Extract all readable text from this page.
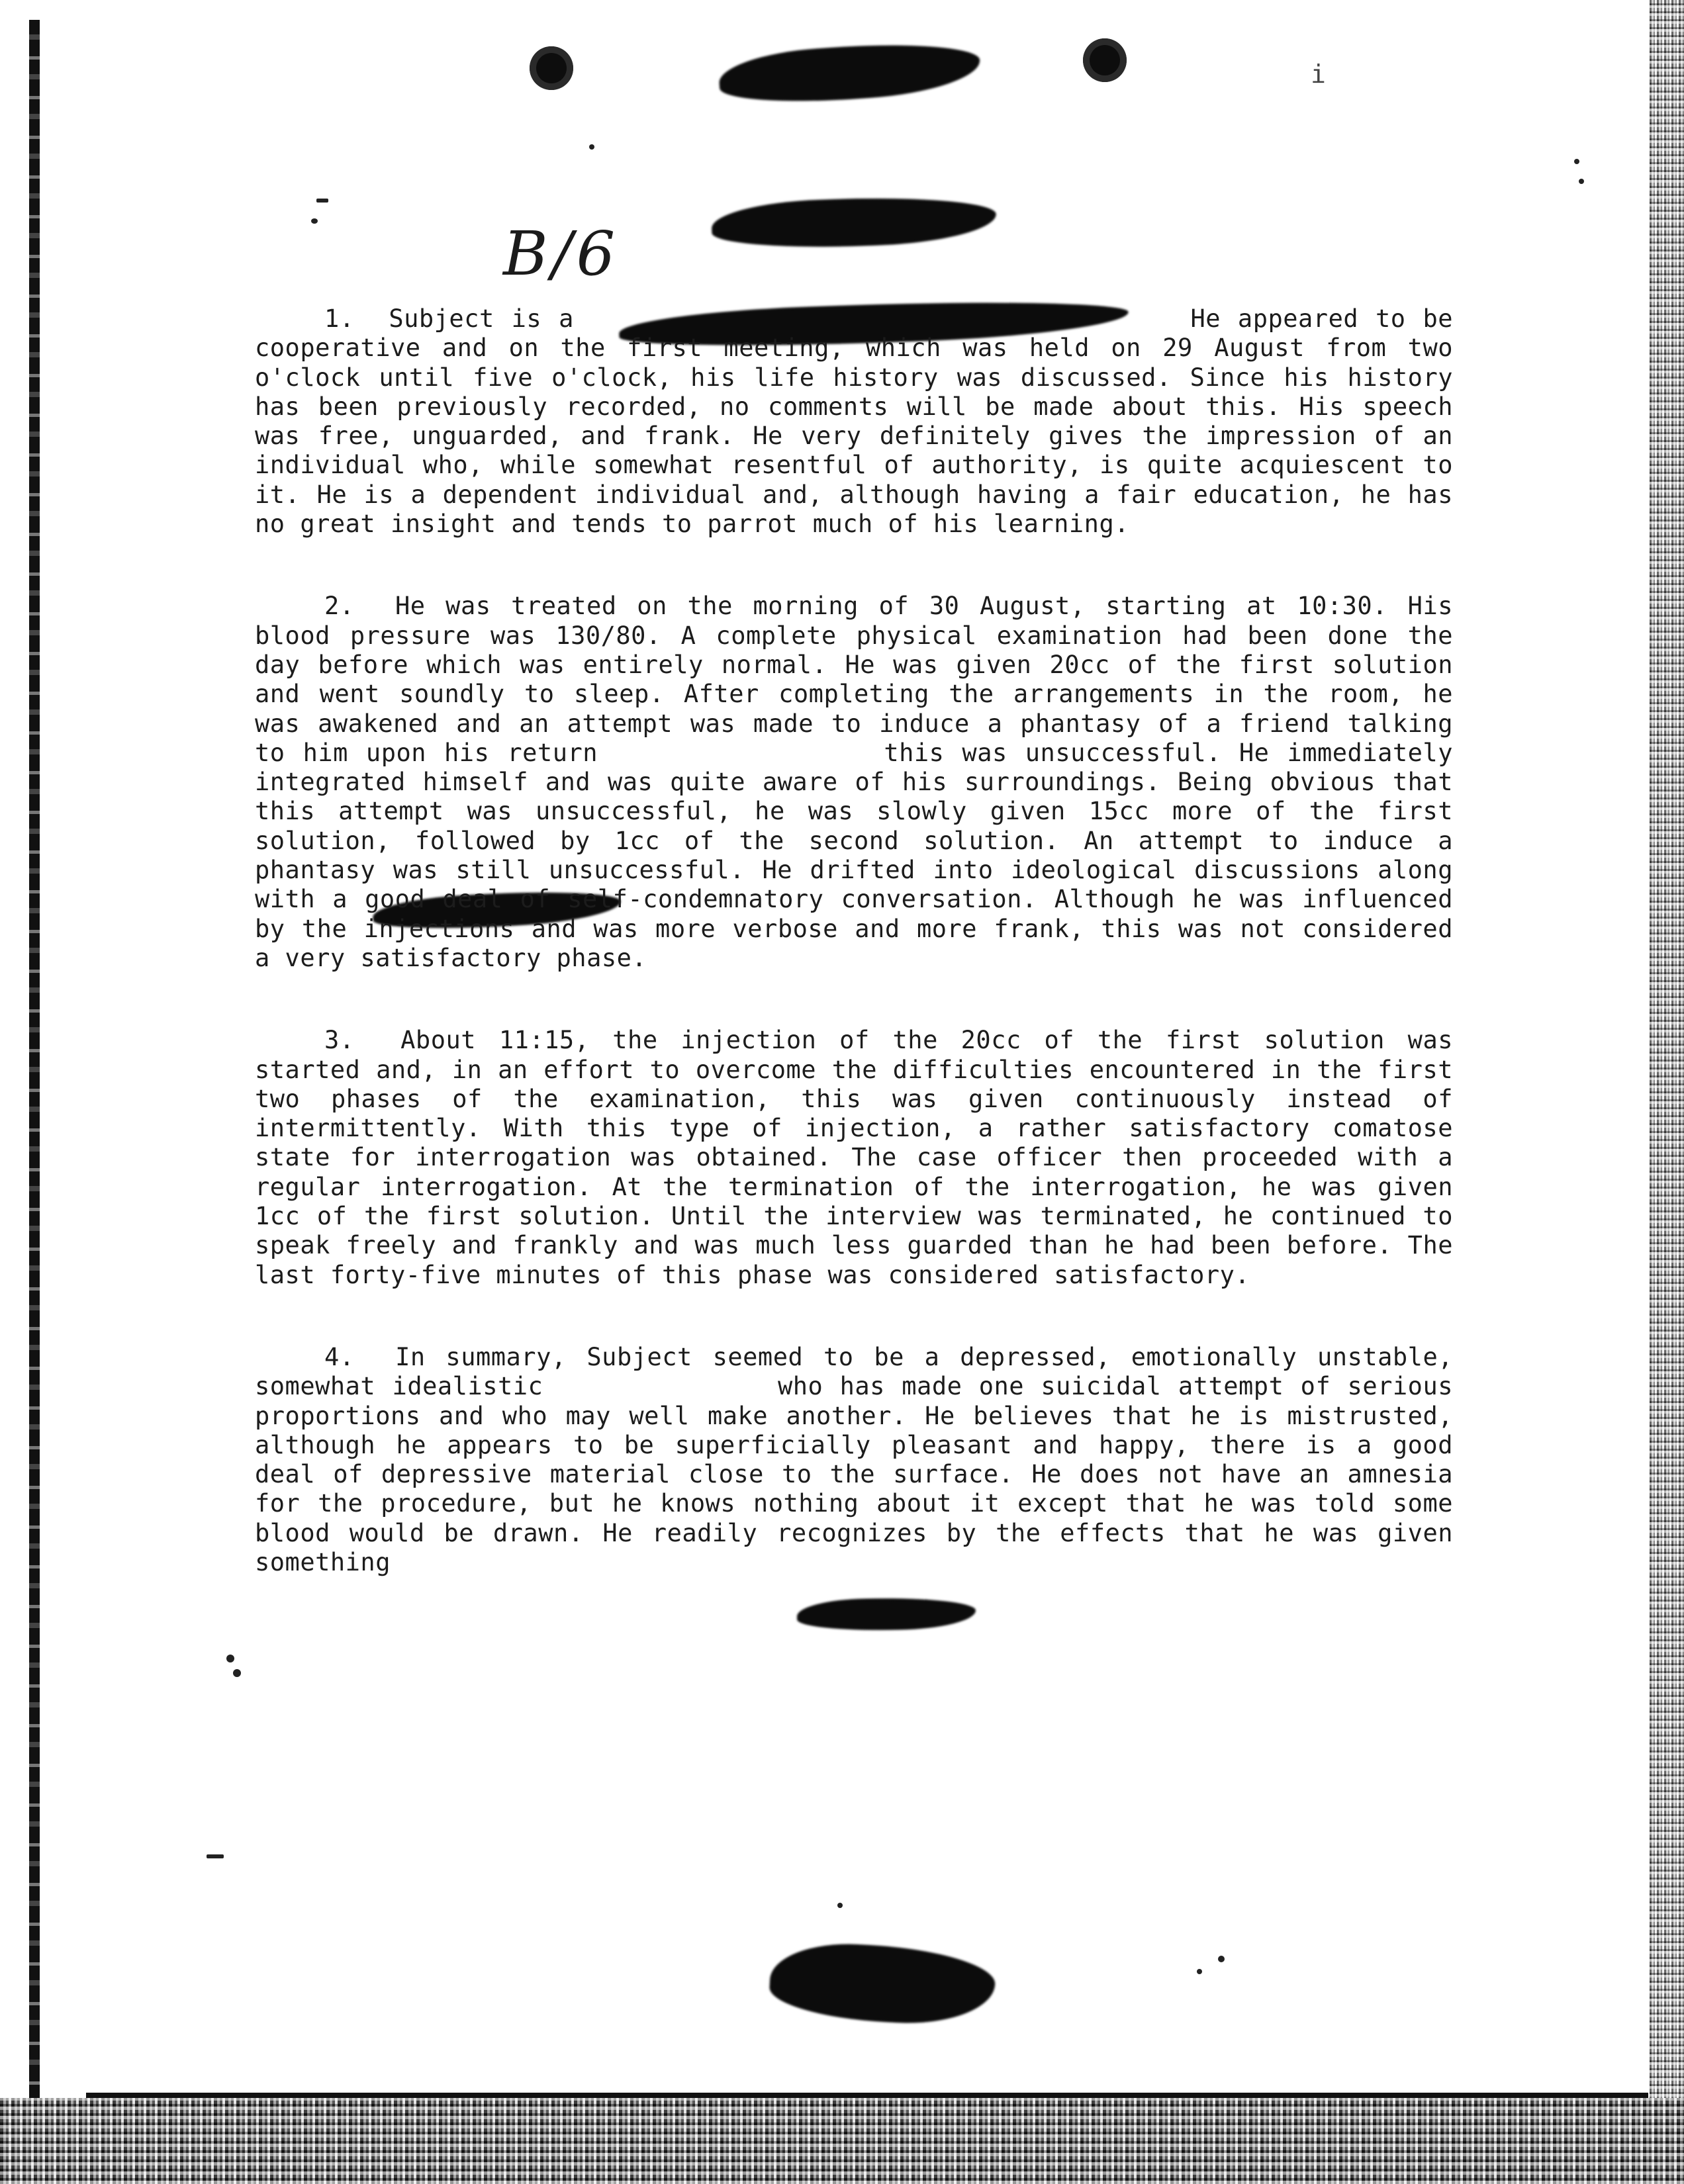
i
B/6

1. Subject is a                                    He appeared to be cooperative and on the first meeting, which was held on 29 August from two o'clock until five o'clock, his life history was discussed. Since his history has been previously recorded, no comments will be made about this. His speech was free, unguarded, and frank. He very definitely gives the impression of an individual who, while somewhat resentful of authority, is quite acquiescent to it. He is a dependent individual and, although having a fair education, he has no great insight and tends to parrot much of his learning.

2. He was treated on the morning of 30 August, starting at 10:30. His blood pressure was 130/80. A complete physical examination had been done the day before which was entirely normal. He was given 20cc of the first solution and went soundly to sleep. After completing the arrangements in the room, he was awakened and an attempt was made to induce a phantasy of a friend talking to him upon his return                this was unsuccessful. He immediately integrated himself and was quite aware of his surroundings. Being obvious that this attempt was unsuccessful, he was slowly given 15cc more of the first solution, followed by 1cc of the second solution. An attempt to induce a phantasy was still unsuccessful. He drifted into ideological discussions along with a good deal of self-condemnatory conversation. Although he was influenced by the injections and was more verbose and more frank, this was not considered a very satisfactory phase.

3. About 11:15, the injection of the 20cc of the first solution was started and, in an effort to overcome the difficulties encountered in the first two phases of the examination, this was given continuously instead of intermittently. With this type of injection, a rather satisfactory comatose state for interrogation was obtained. The case officer then proceeded with a regular interrogation. At the termination of the interrogation, he was given 1cc of the first solution. Until the interview was terminated, he continued to speak freely and frankly and was much less guarded than he had been before. The last forty-five minutes of this phase was considered satisfactory.

4. In summary, Subject seemed to be a depressed, emotionally unstable, somewhat idealistic              who has made one suicidal attempt of serious proportions and who may well make another. He believes that he is mistrusted, although he appears to be superficially pleasant and happy, there is a good deal of depressive material close to the surface. He does not have an amnesia for the procedure, but he knows nothing about it except that he was told some blood would be drawn. He readily recognizes by the effects that he was given something
